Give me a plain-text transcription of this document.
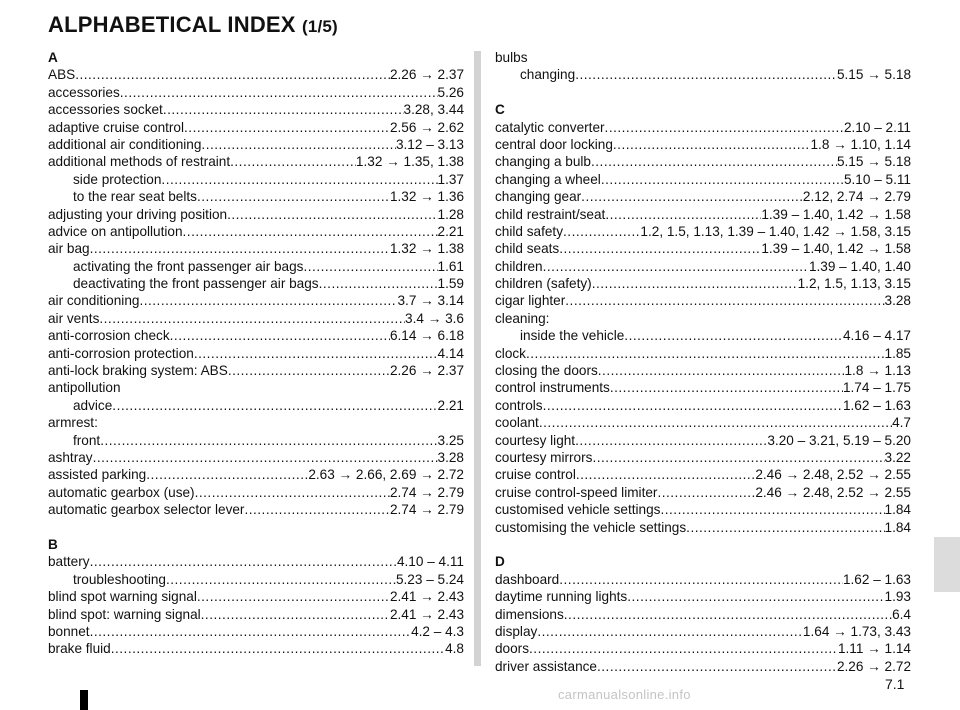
ALPHABETICAL INDEX (1/5)
A
ABS .....	2.26 → 2.37
accessories .....	5.26
accessories socket .....	3.28, 3.44
adaptive cruise control .....	2.56 → 2.62
additional air conditioning .....	3.12 – 3.13
additional methods of restraint .....	1.32 → 1.35, 1.38
side protection .....	1.37
to the rear seat belts .....	1.32 → 1.36
adjusting your driving position .....	1.28
advice on antipollution .....	2.21
air bag .....	1.32 → 1.38
activating the front passenger air bags .....	1.61
deactivating the front passenger air bags .....	1.59
air conditioning .....	3.7 → 3.14
air vents .....	3.4 → 3.6
anti-corrosion check .....	6.14 → 6.18
anti-corrosion protection .....	4.14
anti-lock braking system: ABS .....	2.26 → 2.37
antipollution
advice .....	2.21
armrest:
front .....	3.25
ashtray .....	3.28
assisted parking .....	2.63 → 2.66, 2.69 → 2.72
automatic gearbox (use) .....	2.74 → 2.79
automatic gearbox selector lever .....	2.74 → 2.79
B
battery .....	4.10 – 4.11
troubleshooting .....	5.23 – 5.24
blind spot warning signal .....	2.41 → 2.43
blind spot: warning signal .....	2.41 → 2.43
bonnet .....	4.2 – 4.3
brake fluid .....	4.8
bulbs
changing .....	5.15 → 5.18
C
catalytic converter .....	2.10 – 2.11
central door locking .....	1.8 → 1.10, 1.14
changing a bulb .....	5.15 → 5.18
changing a wheel .....	5.10 – 5.11
changing gear .....	2.12, 2.74 → 2.79
child restraint/seat .....	1.39 – 1.40, 1.42 → 1.58
child safety .....	1.2, 1.5, 1.13, 1.39 – 1.40, 1.42 → 1.58, 3.15
child seats .....	1.39 – 1.40, 1.42 → 1.58
children .....	1.39 – 1.40, 1.40
children (safety) .....	1.2, 1.5, 1.13, 3.15
cigar lighter .....	3.28
cleaning:
inside the vehicle .....	4.16 – 4.17
clock .....	1.85
closing the doors .....	1.8 → 1.13
control instruments .....	1.74 – 1.75
controls .....	1.62 – 1.63
coolant .....	4.7
courtesy light .....	3.20 – 3.21, 5.19 – 5.20
courtesy mirrors .....	3.22
cruise control .....	2.46 → 2.48, 2.52 → 2.55
cruise control-speed limiter .....	2.46 → 2.48, 2.52 → 2.55
customised vehicle settings .....	1.84
customising the vehicle settings .....	1.84
D
dashboard .....	1.62 – 1.63
daytime running lights .....	1.93
dimensions .....	6.4
display .....	1.64 → 1.73, 3.43
doors .....	1.11 → 1.14
driver assistance .....	2.26 → 2.72
7.1
carmanualsonline.info
